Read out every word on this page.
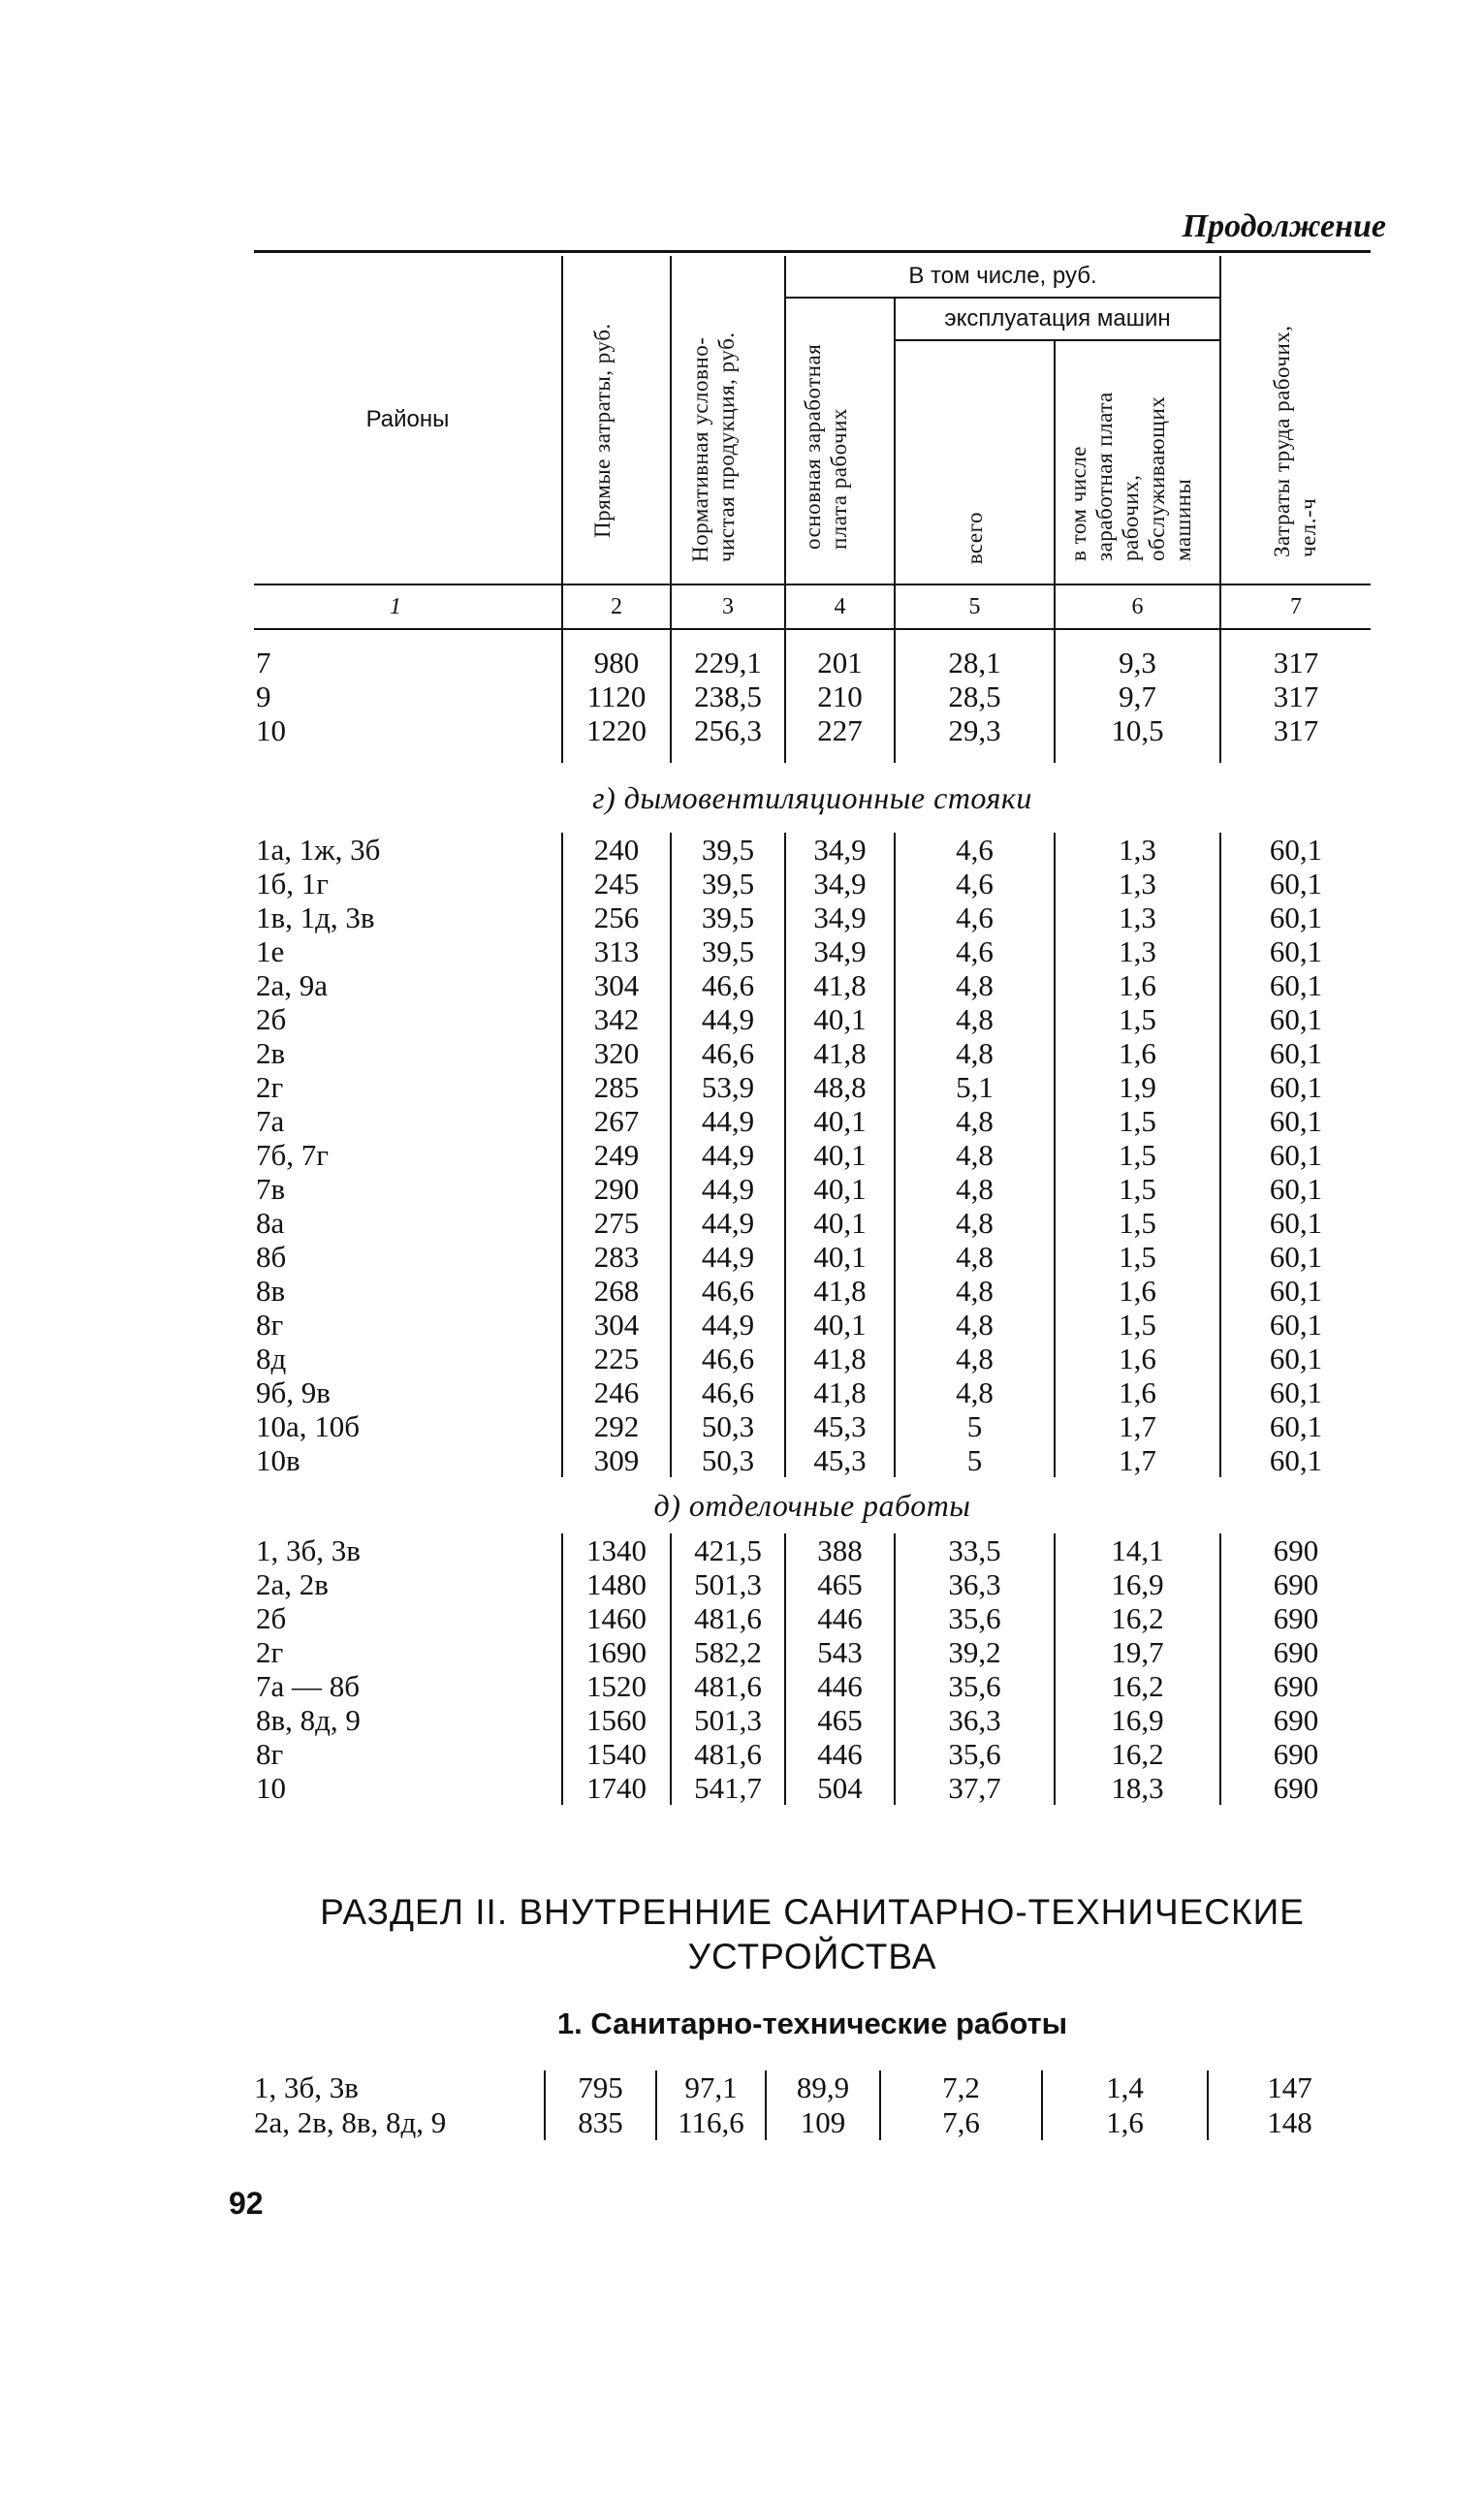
Продолжение
Районы	Прямые затраты, руб.	Нормативная условно-чистая продукция, руб.	В том числе, руб.			Затраты труда рабочих, чел.-ч
			основная заработная плата рабочих	эксплуатация машин		
				всего	в том числе заработная плата рабочих, обслуживающих машины	
1	2	3	4	5	6	7

7	980	229,1	201	28,1	9,3	317
9	1120	238,5	210	28,5	9,7	317
10	1220	256,3	227	29,3	10,5	317

г) дымовентиляционные стояки						
1а, 1ж, 3б	240	39,5	34,9	4,6	1,3	60,1
1б, 1г	245	39,5	34,9	4,6	1,3	60,1
1в, 1д, 3в	256	39,5	34,9	4,6	1,3	60,1
1е	313	39,5	34,9	4,6	1,3	60,1
2а, 9а	304	46,6	41,8	4,8	1,6	60,1
2б	342	44,9	40,1	4,8	1,5	60,1
2в	320	46,6	41,8	4,8	1,6	60,1
2г	285	53,9	48,8	5,1	1,9	60,1
7а	267	44,9	40,1	4,8	1,5	60,1
7б, 7г	249	44,9	40,1	4,8	1,5	60,1
7в	290	44,9	40,1	4,8	1,5	60,1
8а	275	44,9	40,1	4,8	1,5	60,1
8б	283	44,9	40,1	4,8	1,5	60,1
8в	268	46,6	41,8	4,8	1,6	60,1
8г	304	44,9	40,1	4,8	1,5	60,1
8д	225	46,6	41,8	4,8	1,6	60,1
9б, 9в	246	46,6	41,8	4,8	1,6	60,1
10а, 10б	292	50,3	45,3	5	1,7	60,1
10в	309	50,3	45,3	5	1,7	60,1
д) отделочные работы						
1, 3б, 3в	1340	421,5	388	33,5	14,1	690
2а, 2в	1480	501,3	465	36,3	16,9	690
2б	1460	481,6	446	35,6	16,2	690
2г	1690	582,2	543	39,2	19,7	690
7а — 8б	1520	481,6	446	35,6	16,2	690
8в, 8д, 9	1560	501,3	465	36,3	16,9	690
8г	1540	481,6	446	35,6	16,2	690
10	1740	541,7	504	37,7	18,3	690
РАЗДЕЛ II. ВНУТРЕННИЕ САНИТАРНО-ТЕХНИЧЕСКИЕ
УСТРОЙСТВА
1. Санитарно-технические работы
1, 3б, 3в	795	97,1	89,9	7,2	1,4	147
2а, 2в, 8в, 8д, 9	835	116,6	109	7,6	1,6	148
92
